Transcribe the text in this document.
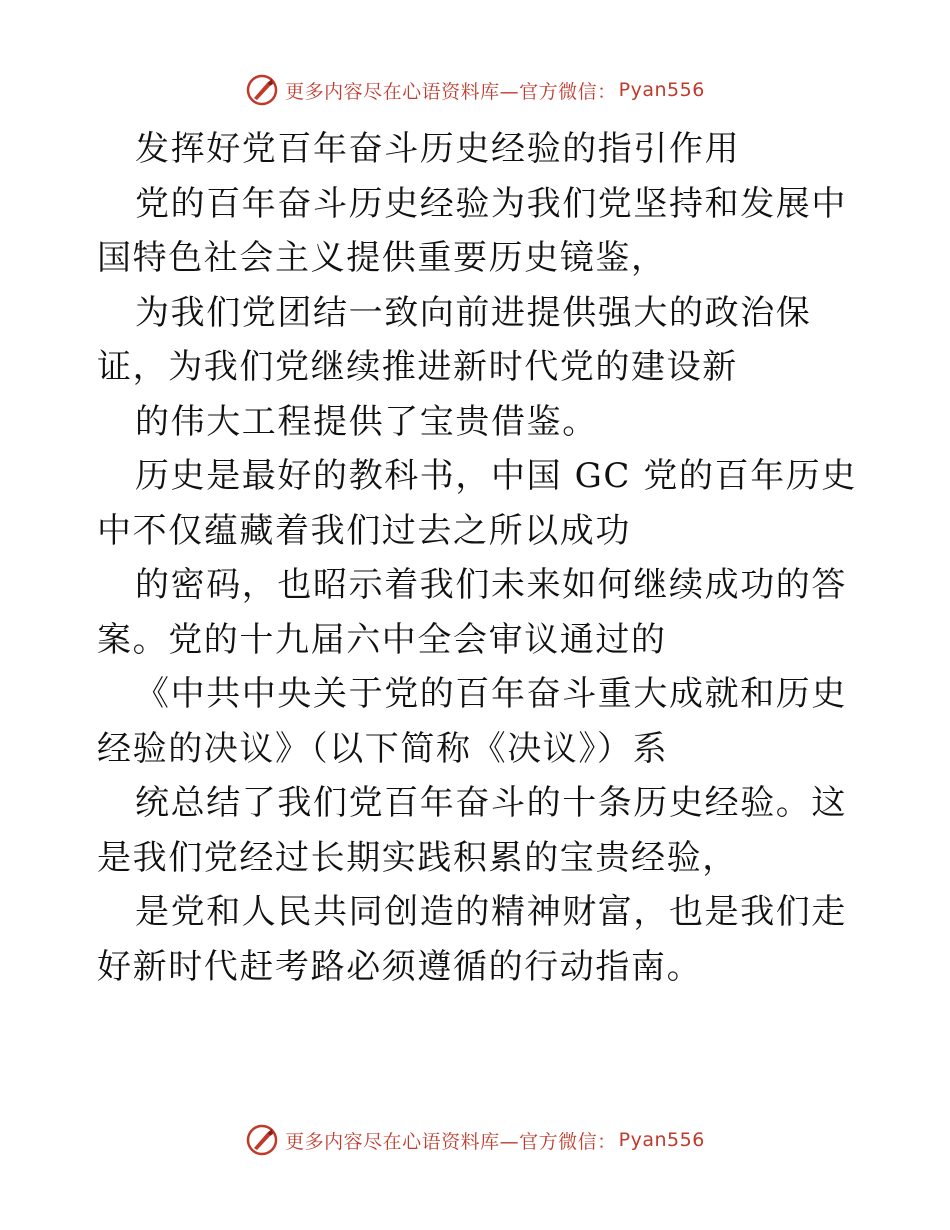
更多内容尽在心语资料库—官方微信： Pyan556

发挥好党百年奋斗历史经验的指引作用

党的百年奋斗历史经验为我们党坚持和发展中国特色社会主义提供重要历史镜鉴，

为我们党团结一致向前进提供强大的政治保证，为我们党继续推进新时代党的建设新

的伟大工程提供了宝贵借鉴。

历史是最好的教科书，中国 GC 党的百年历史中不仅蕴藏着我们过去之所以成功

的密码，也昭示着我们未来如何继续成功的答案。党的十九届六中全会审议通过的

《中共中央关于党的百年奋斗重大成就和历史经验的决议》（以下简称《决议》）系

统总结了我们党百年奋斗的十条历史经验。这是我们党经过长期实践积累的宝贵经验，

是党和人民共同创造的精神财富，也是我们走好新时代赶考路必须遵循的行动指南。

更多内容尽在心语资料库—官方微信： Pyan556
